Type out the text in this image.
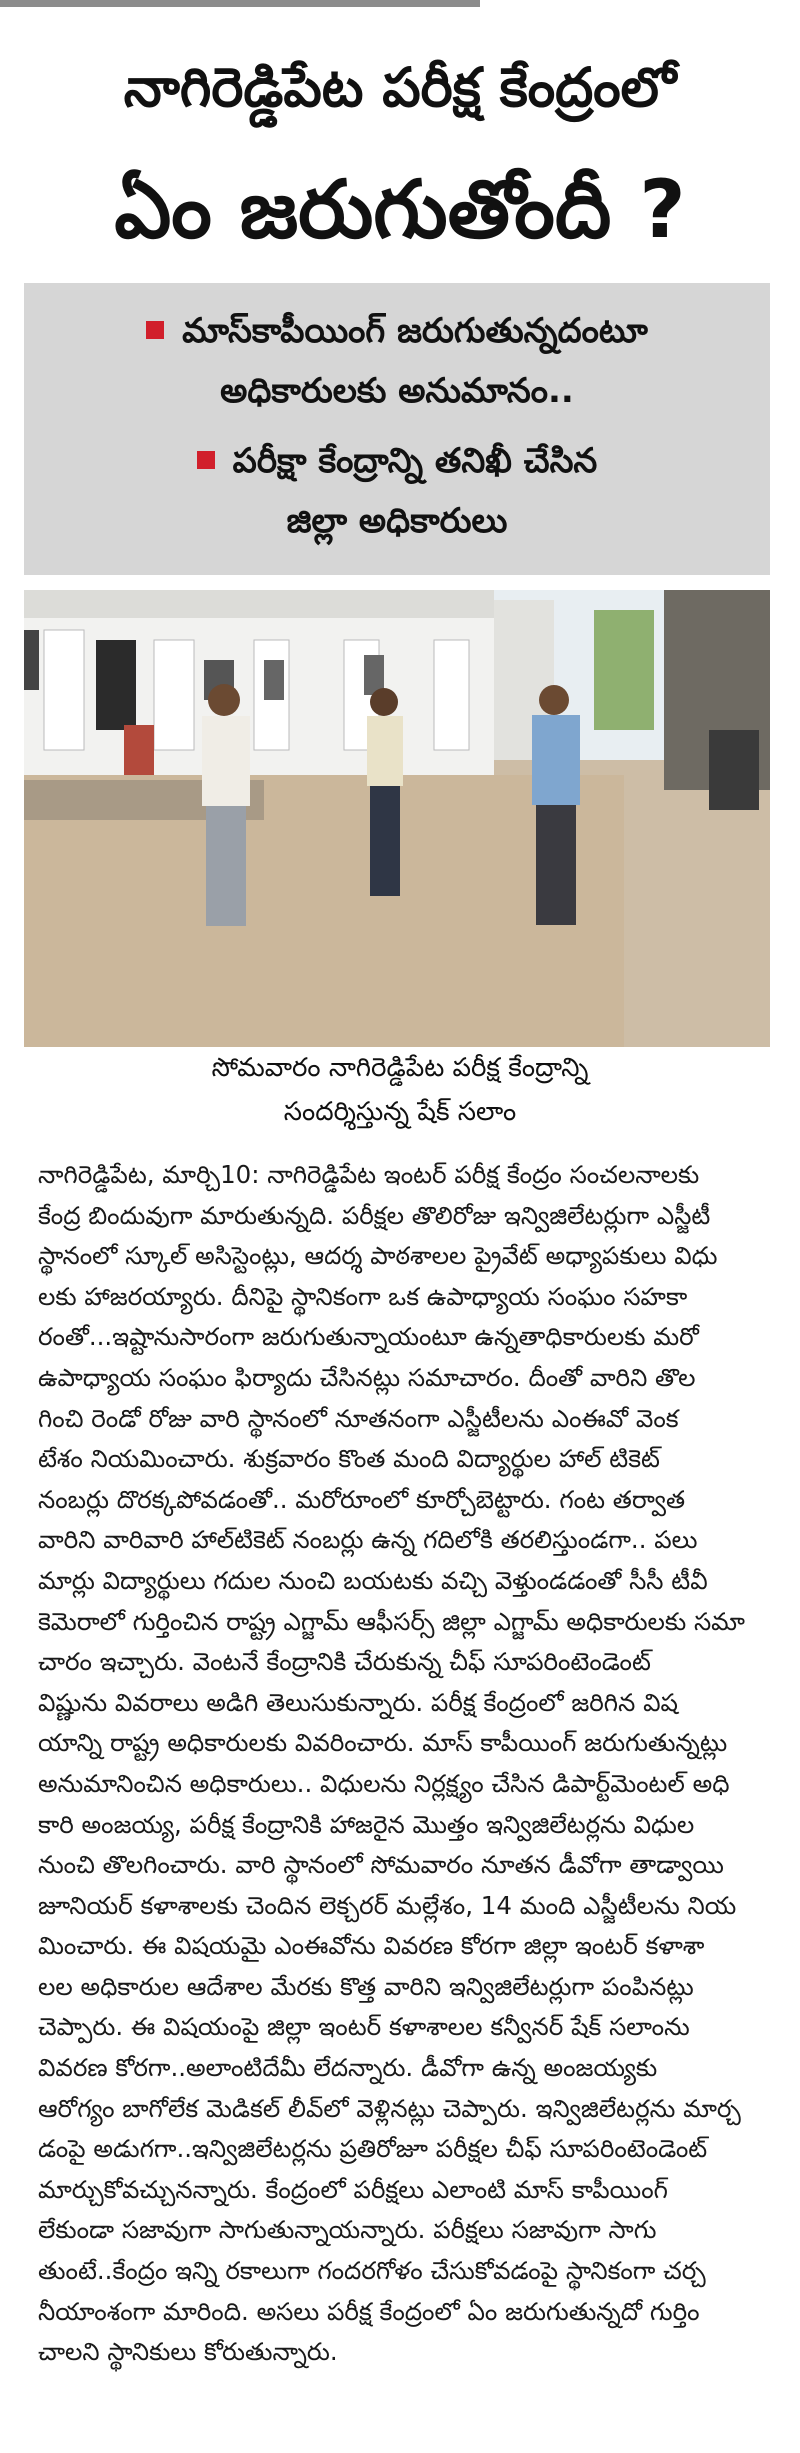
నాగిరెడ్డిపేట పరీక్ష కేంద్రంలో
ఏం జరుగుతోందీ ?
మాస్‌కాపీయింగ్ జరుగుతున్నదంటూ
అధికారులకు అనుమానం..
పరీక్షా కేంద్రాన్ని తనిఖీ చేసిన
జిల్లా అధికారులు
సోమవారం నాగిరెడ్డిపేట పరీక్ష కేంద్రాన్ని
సందర్శిస్తున్న షేక్ సలాం
నాగిరెడ్డిపేట, మార్చి10: నాగిరెడ్డిపేట ఇంటర్ పరీక్ష కేంద్రం సంచలనాలకు
కేంద్ర బిందువుగా మారుతున్నది. పరీక్షల తొలిరోజు ఇన్విజిలేటర్లుగా ఎస్జీటీ
స్థానంలో స్కూల్ అసిస్టెంట్లు, ఆదర్శ పాఠశాలల ప్రైవేట్ అధ్యాపకులు విధు
లకు హాజరయ్యారు. దీనిపై స్థానికంగా ఒక ఉపాధ్యాయ సంఘం సహకా
రంతో...ఇష్టానుసారంగా జరుగుతున్నాయంటూ ఉన్నతాధికారులకు మరో
ఉపాధ్యాయ సంఘం ఫిర్యాదు చేసినట్లు సమాచారం. దీంతో వారిని తొల
గించి రెండో రోజు వారి స్థానంలో నూతనంగా ఎస్జీటీలను ఎంఈవో వెంక
టేశం నియమించారు. శుక్రవారం కొంత మంది విద్యార్థుల హాల్ టికెట్
నంబర్లు దొరక్కపోవడంతో.. మరోరూంలో కూర్చోబెట్టారు. గంట తర్వాత
వారిని వారివారి హాల్‌టికెట్ నంబర్లు ఉన్న గదిలోకి తరలిస్తుండగా.. పలు
మార్లు విద్యార్థులు గదుల నుంచి బయటకు వచ్చి వెళ్తుండడంతో సీసీ టీవీ
కెమెరాలో గుర్తించిన రాష్ట్ర ఎగ్జామ్ ఆఫీసర్స్ జిల్లా ఎగ్జామ్ అధికారులకు సమా
చారం ఇచ్చారు. వెంటనే కేంద్రానికి చేరుకున్న చీఫ్ సూపరింటెండెంట్
విష్ణును వివరాలు అడిగి తెలుసుకున్నారు. పరీక్ష కేంద్రంలో జరిగిన విష
యాన్ని రాష్ట్ర అధికారులకు వివరించారు. మాస్ కాపీయింగ్ జరుగుతున్నట్లు
అనుమానించిన అధికారులు.. విధులను నిర్లక్ష్యం చేసిన డిపార్ట్‌మెంటల్ అధి
కారి అంజయ్య, పరీక్ష కేంద్రానికి హాజరైన మొత్తం ఇన్విజిలేటర్లను విధుల
నుంచి తొలగించారు. వారి స్థానంలో సోమవారం నూతన డీవోగా తాడ్వాయి
జూనియర్ కళాశాలకు చెందిన లెక్చరర్ మల్లేశం, 14 మంది ఎస్జీటీలను నియ
మించారు. ఈ విషయమై ఎంఈవోను వివరణ కోరగా జిల్లా ఇంటర్ కళాశా
లల అధికారుల ఆదేశాల మేరకు కొత్త వారిని ఇన్విజిలేటర్లుగా పంపినట్లు
చెప్పారు. ఈ విషయంపై జిల్లా ఇంటర్ కళాశాలల కన్వీనర్ షేక్ సలాంను
వివరణ కోరగా..అలాంటిదేమీ లేదన్నారు. డీవోగా ఉన్న అంజయ్యకు
ఆరోగ్యం బాగోలేక మెడికల్ లీవ్‌లో వెళ్లినట్లు చెప్పారు. ఇన్విజిలేటర్లను మార్చ
డంపై అడుగగా..ఇన్విజిలేటర్లను ప్రతిరోజూ పరీక్షల చీఫ్ సూపరింటెండెంట్
మార్చుకోవచ్చునన్నారు. కేంద్రంలో పరీక్షలు ఎలాంటి మాస్ కాపీయింగ్
లేకుండా సజావుగా సాగుతున్నాయన్నారు. పరీక్షలు సజావుగా సాగు
తుంటే..కేంద్రం ఇన్ని రకాలుగా గందరగోళం చేసుకోవడంపై స్థానికంగా చర్చ
నీయాంశంగా మారింది. అసలు పరీక్ష కేంద్రంలో ఏం జరుగుతున్నదో గుర్తిం
చాలని స్థానికులు కోరుతున్నారు.
